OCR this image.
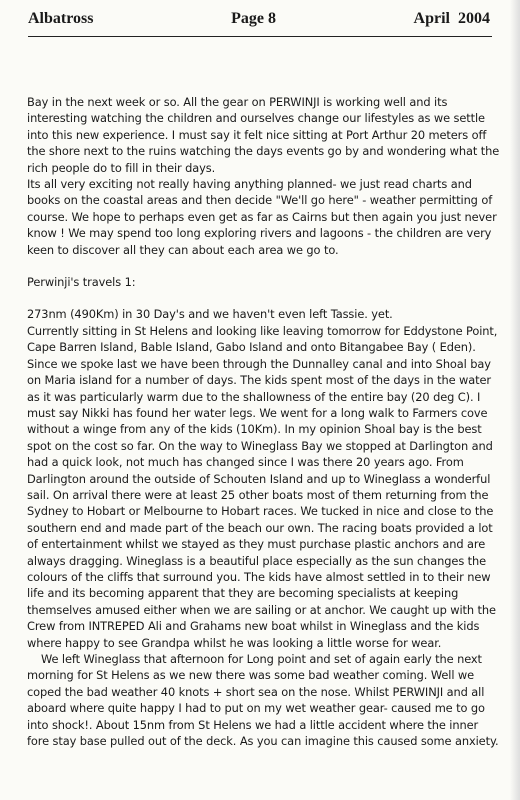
Albatross	Page 8	April  2004

Bay in the next week or so. All the gear on PERWINJI is working well and its interesting watching the children and ourselves change our lifestyles as we settle into this new experience. I must say it felt nice sitting at Port Arthur 20 meters off the shore next to the ruins watching the days events go by and wondering what the rich people do to fill in their days.

Its all very exciting not really having anything planned- we just read charts and books on the coastal areas and then decide "We'll go here" - weather permitting of course. We hope to perhaps even get as far as Cairns but then again you just never know ! We may spend too long exploring rivers and lagoons - the children are very keen to discover all they can about each area we go to.

Perwinji's travels 1:

273nm (490Km) in 30 Day's and we haven't even left Tassie. yet.

Currently sitting in St Helens and looking like leaving tomorrow for Eddystone Point, Cape Barren Island, Bable Island, Gabo Island and onto Bitangabee Bay ( Eden).

Since we spoke last we have been through the Dunnalley canal and into Shoal bay on Maria island for a number of days. The kids spent most of the days in the water as it was particularly warm due to the shallowness of the entire bay (20 deg C). I must say Nikki has found her water legs. We went for a long walk to Farmers cove without a winge from any of the kids (10Km). In my opinion Shoal bay is the best spot on the cost so far. On the way to Wineglass Bay we stopped at Darlington and had a quick look, not much has changed since I was there 20 years ago. From Darlington around the outside of Schouten Island and up to Wineglass a wonderful sail. On arrival there were at least 25 other boats most of them returning from the Sydney to Hobart or Melbourne to Hobart races. We tucked in nice and close to the southern end and made part of the beach our own. The racing boats provided a lot of entertainment whilst we stayed as they must purchase plastic anchors and are always dragging. Wineglass is a beautiful place especially as the sun changes the colours of the cliffs that surround you. The kids have almost settled in to their new life and its becoming apparent that they are becoming specialists at keeping themselves amused either when we are sailing or at anchor. We caught up with the Crew from INTREPED Ali and Grahams new boat whilst in Wineglass and the kids where happy to see Grandpa whilst he was looking a little worse for wear.

We left Wineglass that afternoon for Long point and set of again early the next morning for St Helens as we new there was some bad weather coming. Well we coped the bad weather 40 knots + short sea on the nose. Whilst PERWINJI and all aboard where quite happy I had to put on my wet weather gear- caused me to go into shock!. About 15nm from St Helens we had a little accident where the inner fore stay base pulled out of the deck. As you can imagine this caused some anxiety.
